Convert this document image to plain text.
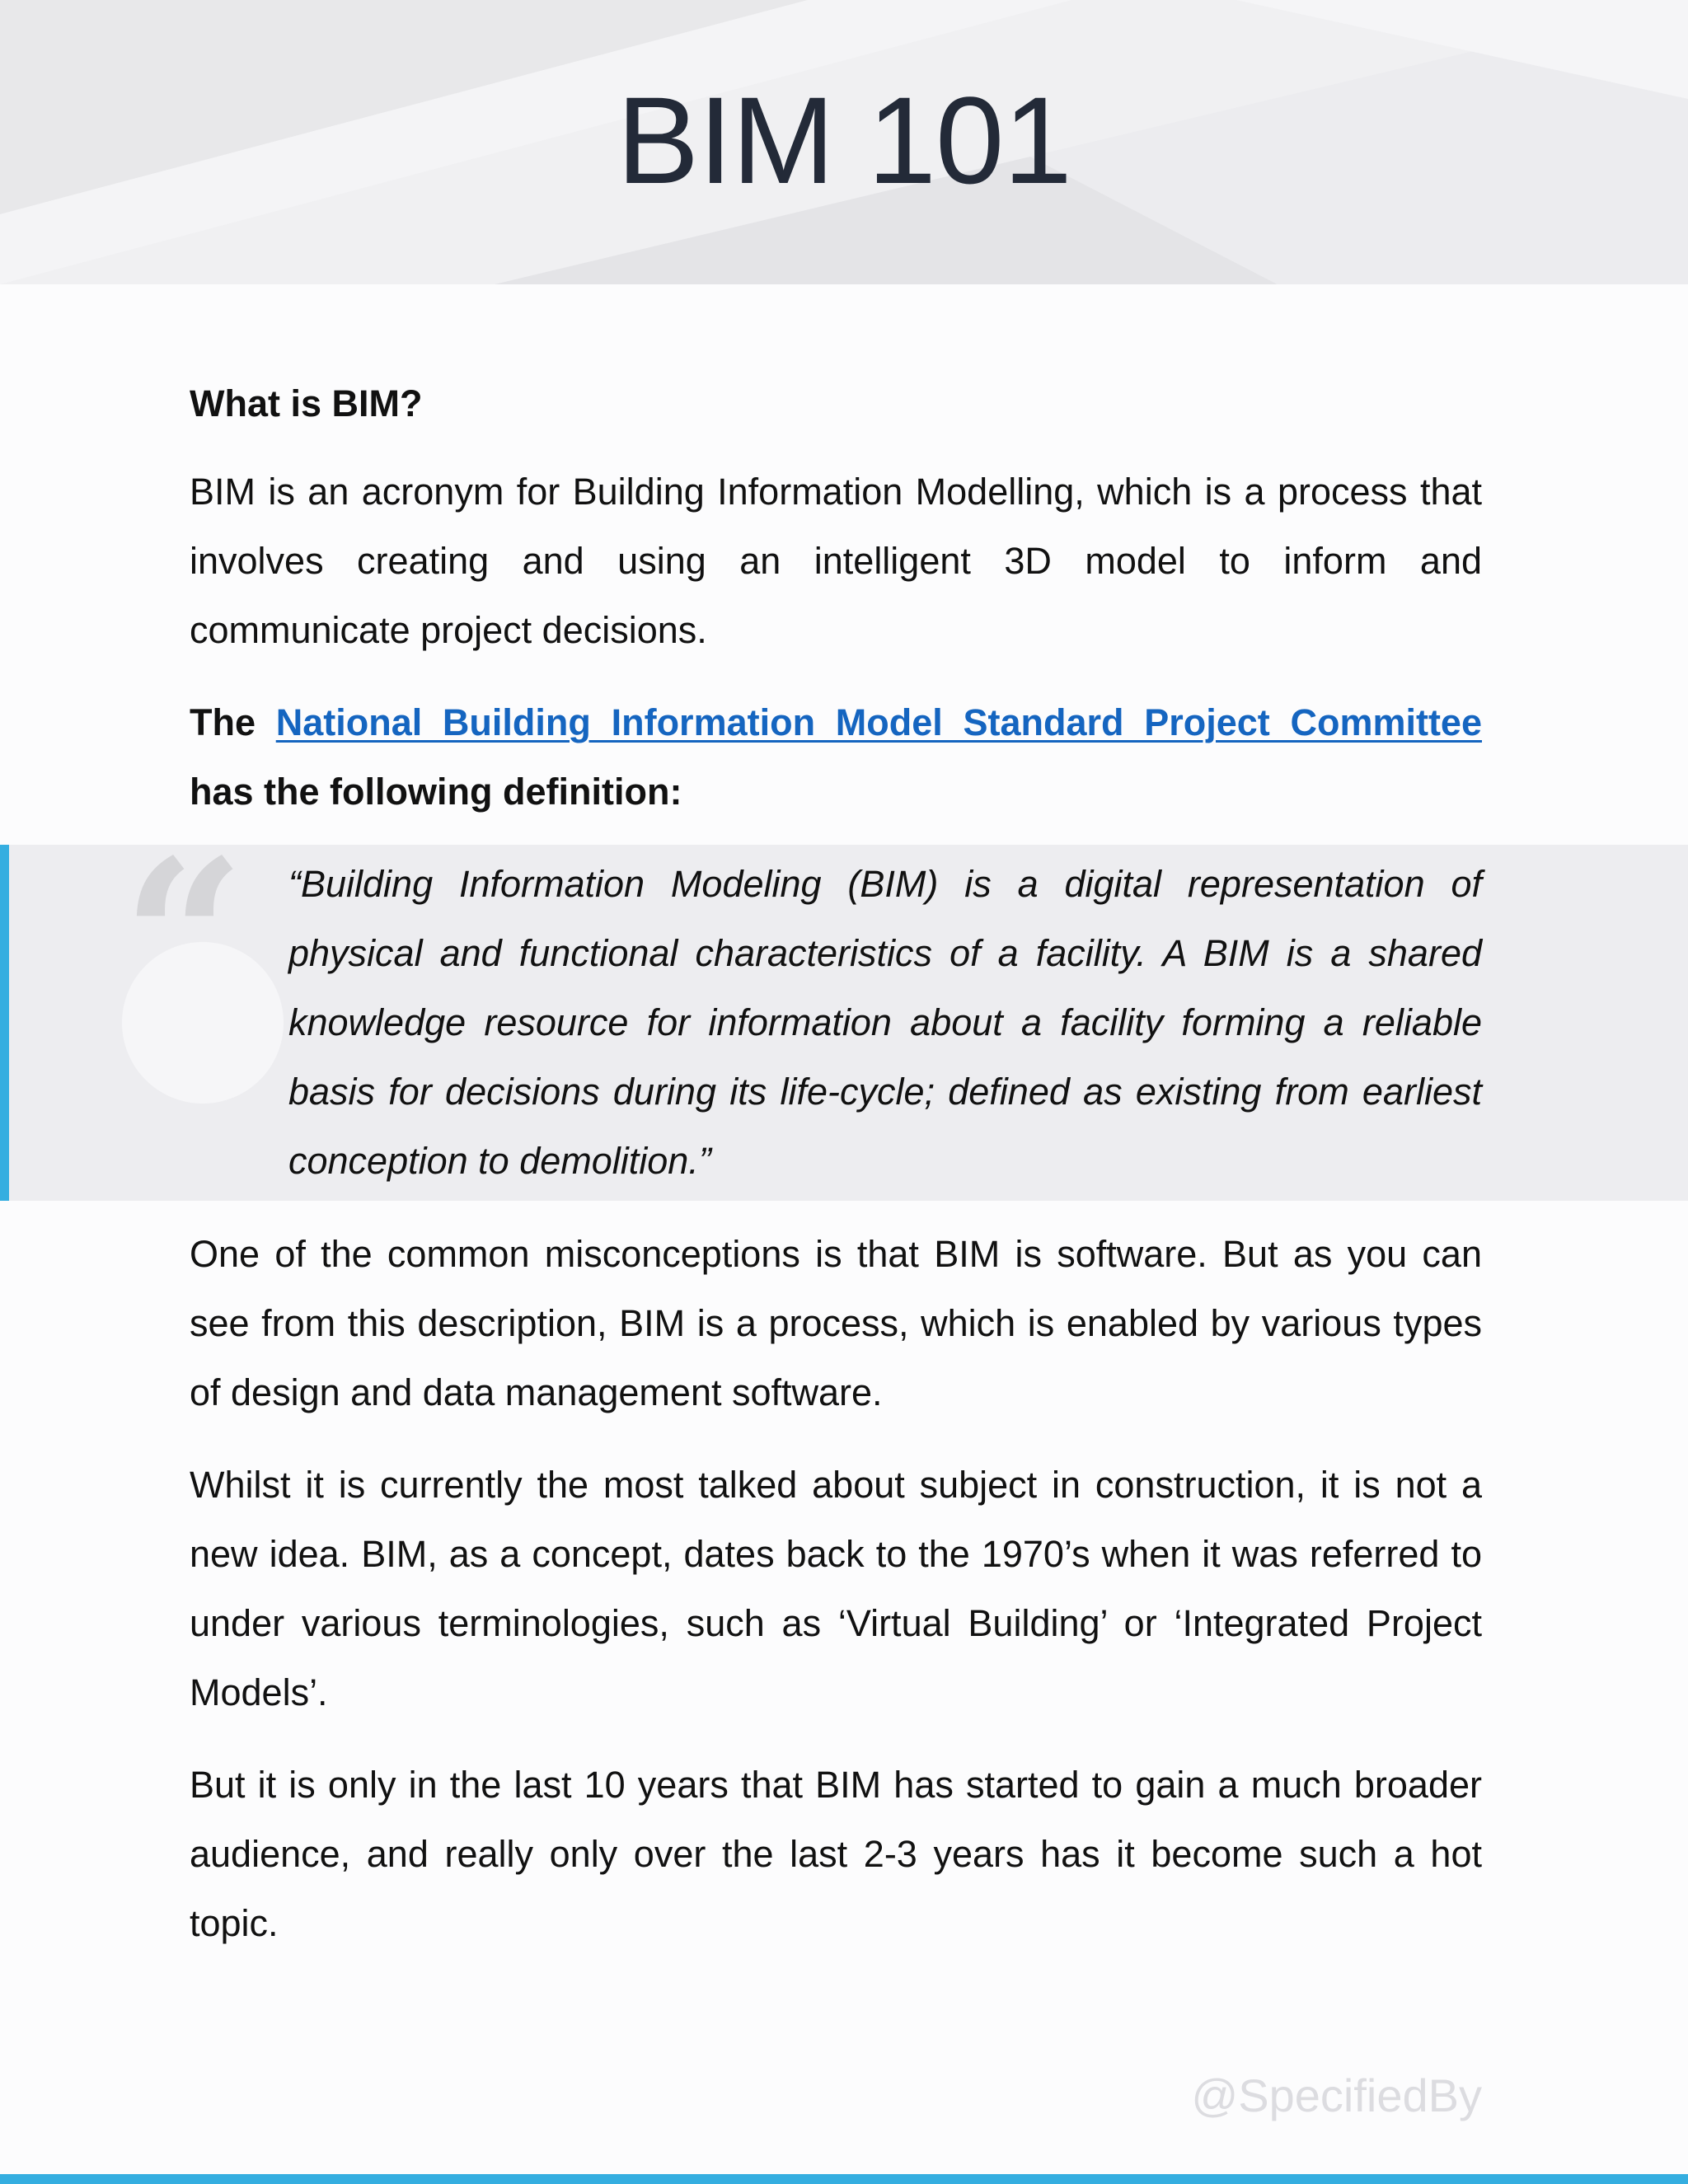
BIM 101

What is BIM?

BIM is an acronym for Building Information Modelling, which is a process that involves creating and using an intelligent 3D model to inform and communicate project decisions.

The National Building Information Model Standard Project Committee has the following definition:

“ “Building Information Modeling (BIM) is a digital representation of physical and functional characteristics of a facility. A BIM is a shared knowledge resource for information about a facility forming a reliable basis for decisions during its life-cycle; defined as existing from earliest conception to demolition.”

One of the common misconceptions is that BIM is software. But as you can see from this description, BIM is a process, which is enabled by various types of design and data management software.

Whilst it is currently the most talked about subject in construction, it is not a new idea. BIM, as a concept, dates back to the 1970’s when it was referred to under various terminologies, such as ‘Virtual Building’ or ‘Integrated Project Models’.

But it is only in the last 10 years that BIM has started to gain a much broader audience, and really only over the last 2-3 years has it become such a hot topic.

@SpecifiedBy
